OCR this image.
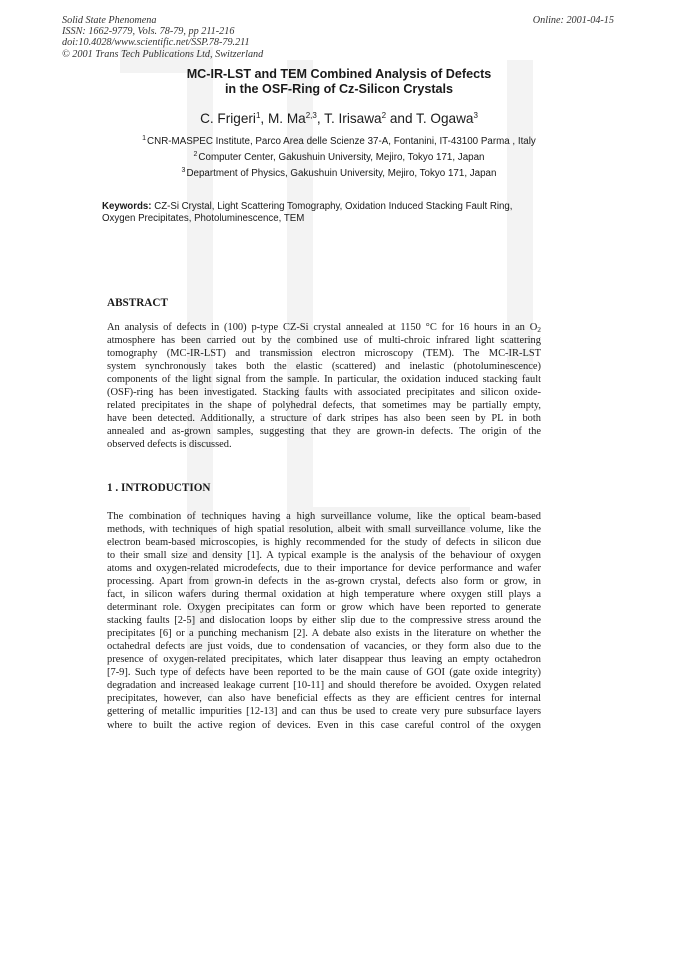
Solid State Phenomena
ISSN: 1662-9779, Vols. 78-79, pp 211-216
doi:10.4028/www.scientific.net/SSP.78-79.211
© 2001 Trans Tech Publications Ltd, Switzerland
Online: 2001-04-15
MC-IR-LST and TEM Combined Analysis of Defects
in the OSF-Ring of Cz-Silicon Crystals
C. Frigeri$^1$, M. Ma$^{2,3}$, T. Irisawa$^2$ and T. Ogawa$^3$
$^1$CNR-MASPEC Institute, Parco Area delle Scienze 37-A, Fontanini, IT-43100 Parma , Italy
$^2$Computer Center, Gakushuin University, Mejiro, Tokyo 171, Japan
$^3$Department of Physics, Gakushuin University, Mejiro, Tokyo 171, Japan
Keywords: CZ-Si Crystal, Light Scattering Tomography, Oxidation Induced Stacking Fault Ring, Oxygen Precipitates, Photoluminescence, TEM
ABSTRACT
An analysis of defects in (100) p-type CZ-Si crystal annealed at 1150 °C for 16 hours in an $O_2$
atmosphere has been carried out by the combined use of multi-chroic infrared light scattering
tomography (MC-IR-LST) and transmission electron microscopy (TEM). The MC-IR-LST
system synchronously takes both the elastic (scattered) and inelastic (photoluminescence)
components of the light signal from the sample. In particular, the oxidation induced stacking fault
(OSF)-ring has been investigated. Stacking faults with associated precipitates and silicon oxide-
related precipitates in the shape of polyhedral defects, that sometimes may be partially empty,
have been detected. Additionally, a structure of dark stripes has also been seen by PL in both
annealed and as-grown samples, suggesting that they are grown-in defects. The origin of the
observed defects is discussed.
1 . INTRODUCTION
The combination of techniques having a high surveillance volume, like the optical beam-based
methods, with techniques of high spatial resolution, albeit with small surveillance volume, like the
electron beam-based microscopies, is highly recommended for the study of defects in silicon due
to their small size and density [1]. A typical example is the analysis of the behaviour of oxygen
atoms and oxygen-related microdefects, due to their importance for device performance and wafer
processing. Apart from grown-in defects in the as-grown crystal, defects also form or grow, in
fact, in silicon wafers during thermal oxidation at high temperature where oxygen still plays a
determinant role. Oxygen precipitates can form or grow which have been reported to generate
stacking faults [2-5] and dislocation loops by either slip due to the compressive stress around the
precipitates [6] or a punching mechanism [2]. A debate also exists in the literature on whether the
octahedral defects are just voids, due to condensation of vacancies, or they form also due to the
presence of oxygen-related precipitates, which later disappear thus leaving an empty octahedron
[7-9]. Such type of defects have been reported to be the main cause of GOI (gate oxide integrity)
degradation and increased leakage current [10-11] and should therefore be avoided. Oxygen related
precipitates, however, can also have beneficial effects as they are efficient centres for internal
gettering of metallic impurities [12-13] and can thus be used to create very pure subsurface layers
where to built the active region of devices. Even in this case careful control of the oxygen
